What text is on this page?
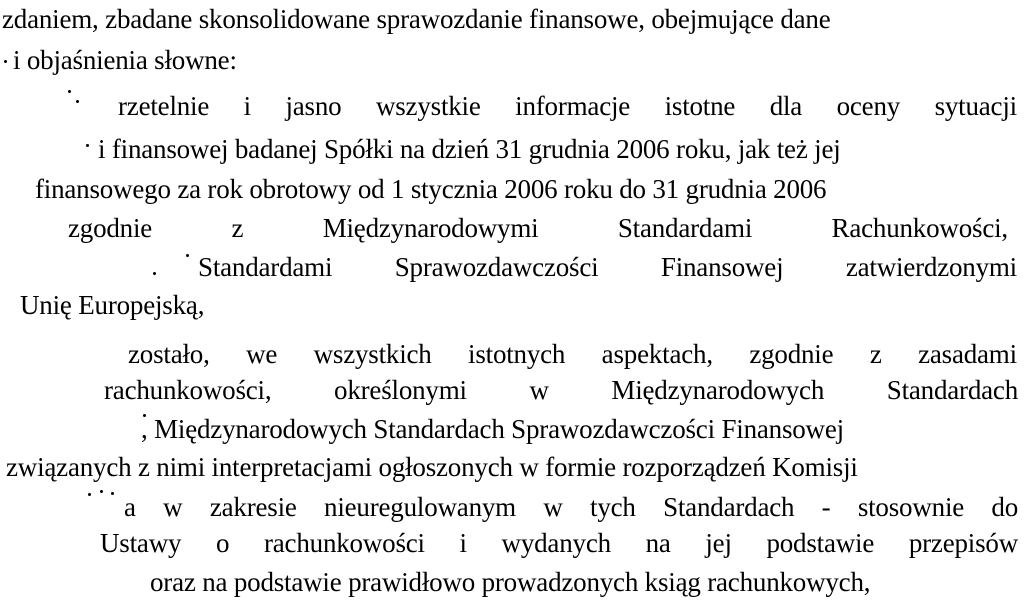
zdaniem, zbadane skonsolidowane sprawozdanie finansowe, obejmujące dane
i objaśnienia słowne:
rzetelnie i jasno wszystkie informacje istotne dla oceny sytuacji
i finansowej badanej Spółki na dzień 31 grudnia 2006 roku, jak też jej
finansowego za rok obrotowy od 1 stycznia 2006 roku do 31 grudnia 2006
zgodnie	z	Międzynarodowymi	Standardami	Rachunkowości,
Standardami Sprawozdawczości Finansowej zatwierdzonymi
Unię Europejską,
zostało, we wszystkich istotnych aspektach, zgodnie z zasadami
rachunkowości, określonymi w Międzynarodowych Standardach
, Międzynarodowych Standardach Sprawozdawczości Finansowej
związanych z nimi interpretacjami ogłoszonych w formie rozporządzeń Komisji
a w zakresie nieuregulowanym w tych Standardach - stosownie do
Ustawy o rachunkowości i wydanych na jej podstawie przepisów
oraz na podstawie prawidłowo prowadzonych ksiąg rachunkowych,
